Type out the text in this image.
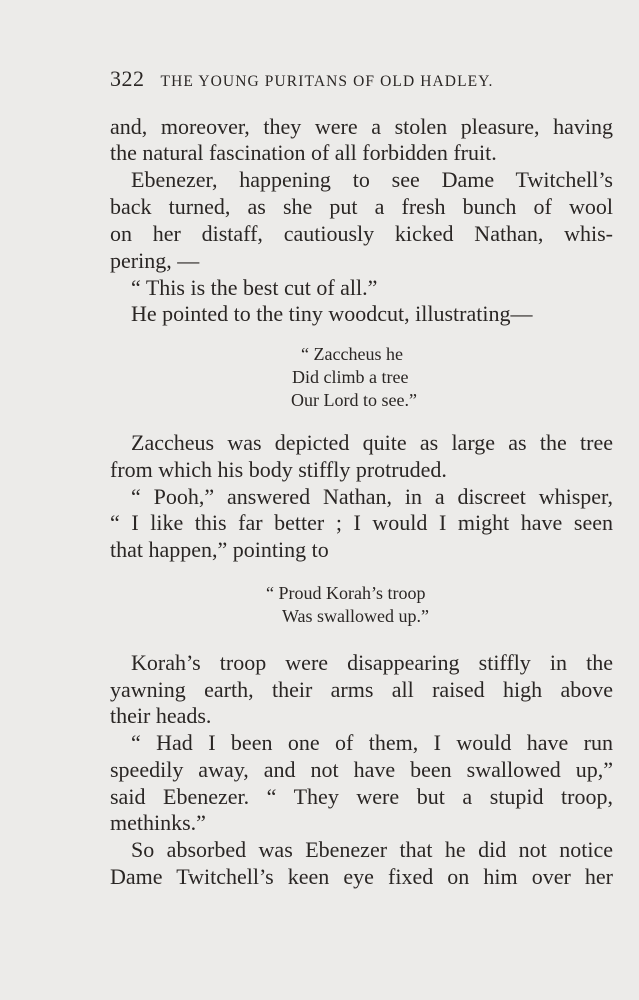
322 THE YOUNG PURITANS OF OLD HADLEY.
and, moreover, they were a stolen pleasure, having
the natural fascination of all forbidden fruit.
Ebenezer, happening to see Dame Twitchell’s
back turned, as she put a fresh bunch of wool
on her distaff, cautiously kicked Nathan, whis-
pering, —
“ This is the best cut of all.”
He pointed to the tiny woodcut, illustrating—
“ Zaccheus he
Did climb a tree
Our Lord to see.”
Zaccheus was depicted quite as large as the tree
from which his body stiffly protruded.
“ Pooh,” answered Nathan, in a discreet whisper,
“ I like this far better ; I would I might have seen
that happen,” pointing to
“ Proud Korah’s troop
Was swallowed up.”
Korah’s troop were disappearing stiffly in the
yawning earth, their arms all raised high above
their heads.
“ Had I been one of them, I would have run
speedily away, and not have been swallowed up,”
said Ebenezer. “ They were but a stupid troop,
methinks.”
So absorbed was Ebenezer that he did not notice
Dame Twitchell’s keen eye fixed on him over her
